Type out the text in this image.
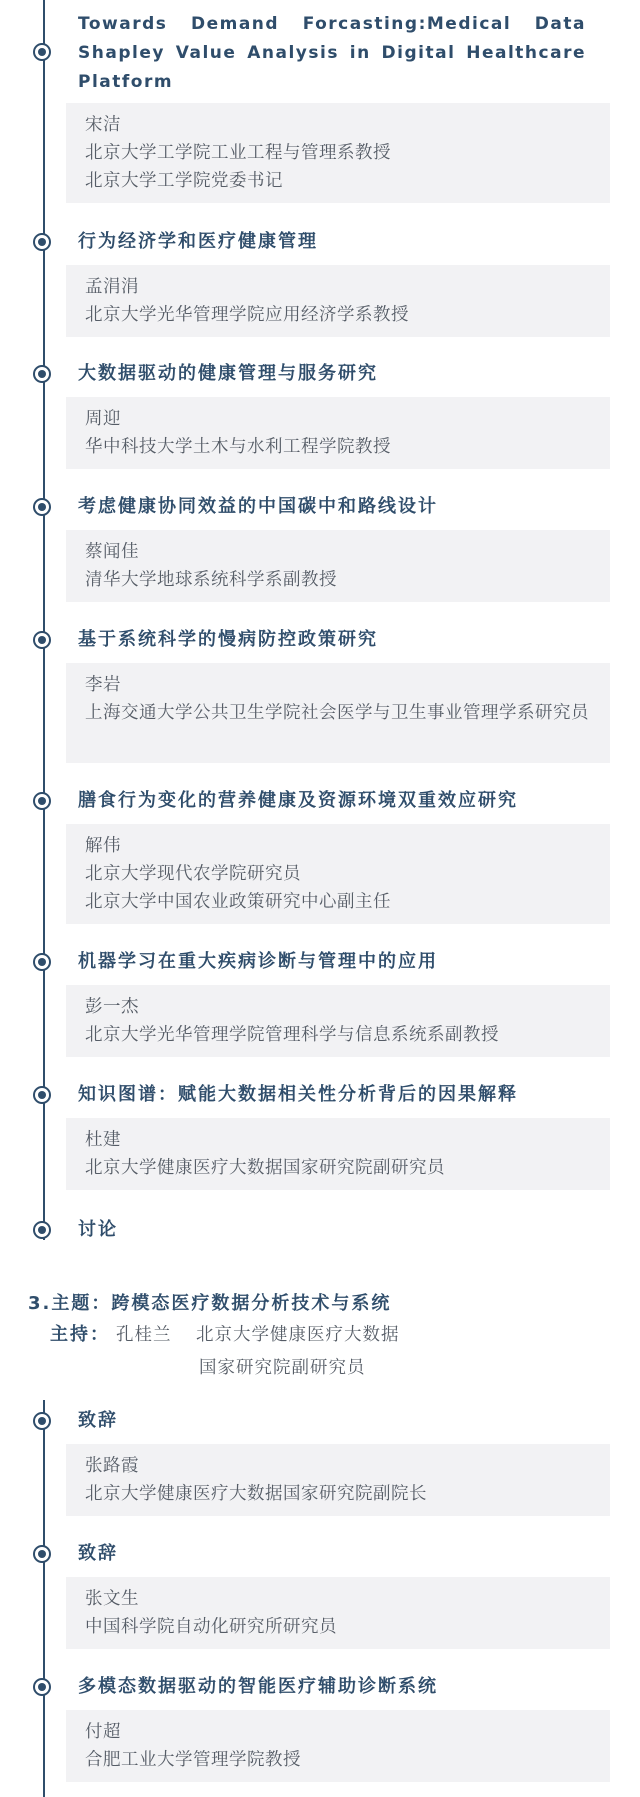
Towards Demand Forcasting:Medical Data Shapley Value Analysis in Digital Healthcare Platform
宋洁
北京大学工学院工业工程与管理系教授
北京大学工学院党委书记
行为经济学和医疗健康管理
孟涓涓
北京大学光华管理学院应用经济学系教授
大数据驱动的健康管理与服务研究
周迎
华中科技大学土木与水利工程学院教授
考虑健康协同效益的中国碳中和路线设计
蔡闻佳
清华大学地球系统科学系副教授
基于系统科学的慢病防控政策研究
李岩
上海交通大学公共卫生学院社会医学与卫生事业管理学系研究员
膳食行为变化的营养健康及资源环境双重效应研究
解伟
北京大学现代农学院研究员
北京大学中国农业政策研究中心副主任
机器学习在重大疾病诊断与管理中的应用
彭一杰
北京大学光华管理学院管理科学与信息系统系副教授
知识图谱：赋能大数据相关性分析背后的因果解释
杜建
北京大学健康医疗大数据国家研究院副研究员
讨论
3.主题：跨模态医疗数据分析技术与系统
主持： 孔桂兰 北京大学健康医疗大数据
国家研究院副研究员
致辞
张路霞
北京大学健康医疗大数据国家研究院副院长
致辞
张文生
中国科学院自动化研究所研究员
多模态数据驱动的智能医疗辅助诊断系统
付超
合肥工业大学管理学院教授
